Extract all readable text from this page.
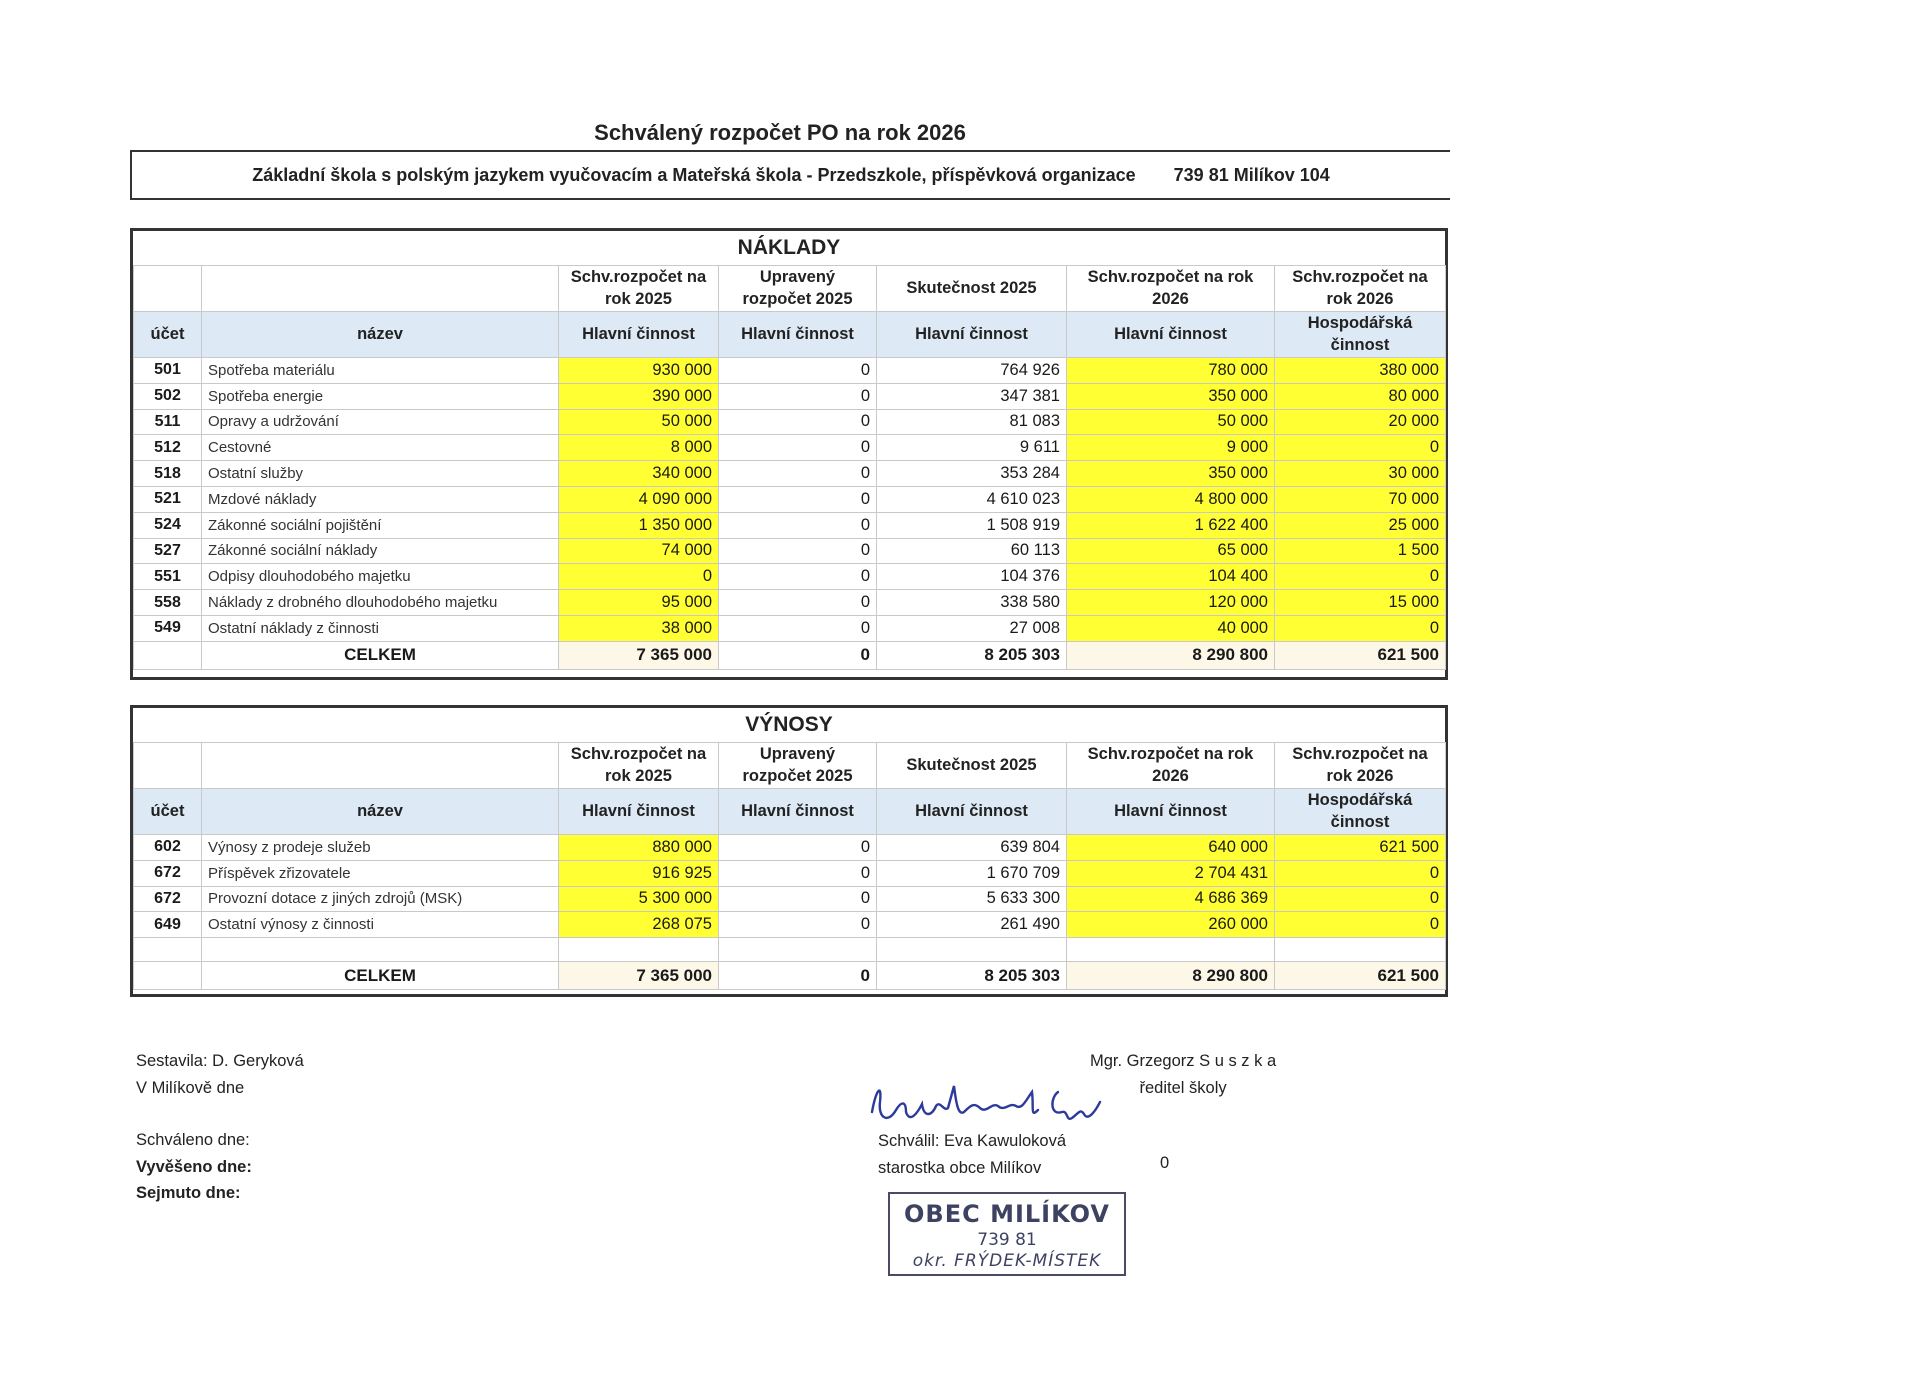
Schválený rozpočet PO na rok 2026
Základní škola s polským jazykem vyučovacím a Mateřská škola - Przedszkole, příspěvková organizace 739 81 Milíkov 104
NÁKLADY
		Schv.rozpočet na rok 2025	Upravený rozpočet 2025	Skutečnost 2025	Schv.rozpočet na rok 2026	Schv.rozpočet na rok 2026
účet	název	Hlavní činnost	Hlavní činnost	Hlavní činnost	Hlavní činnost	Hospodářská činnost
501	Spotřeba materiálu	930 000	0	764 926	780 000	380 000
502	Spotřeba energie	390 000	0	347 381	350 000	80 000
511	Opravy a udržování	50 000	0	81 083	50 000	20 000
512	Cestovné	8 000	0	9 611	9 000	0
518	Ostatní služby	340 000	0	353 284	350 000	30 000
521	Mzdové náklady	4 090 000	0	4 610 023	4 800 000	70 000
524	Zákonné sociální pojištění	1 350 000	0	1 508 919	1 622 400	25 000
527	Zákonné sociální náklady	74 000	0	60 113	65 000	1 500
551	Odpisy dlouhodobého majetku	0	0	104 376	104 400	0
558	Náklady z drobného dlouhodobého majetku	95 000	0	338 580	120 000	15 000
549	Ostatní náklady z činnosti	38 000	0	27 008	40 000	0
	CELKEM	7 365 000	0	8 205 303	8 290 800	621 500
VÝNOSY
		Schv.rozpočet na rok 2025	Upravený rozpočet 2025	Skutečnost 2025	Schv.rozpočet na rok 2026	Schv.rozpočet na rok 2026
účet	název	Hlavní činnost	Hlavní činnost	Hlavní činnost	Hlavní činnost	Hospodářská činnost
602	Výnosy z prodeje služeb	880 000	0	639 804	640 000	621 500
672	Příspěvek zřizovatele	916 925	0	1 670 709	2 704 431	0
672	Provozní dotace z jiných zdrojů (MSK)	5 300 000	0	5 633 300	4 686 369	0
649	Ostatní výnosy z činnosti	268 075	0	261 490	260 000	0

	CELKEM	7 365 000	0	8 205 303	8 290 800	621 500
Sestavila: D. Geryková
V Milíkově dne
Schváleno dne:
Vyvěšeno dne:
Sejmuto dne:
Mgr. Grzegorz S u s z k a
ředitel školy
Schválil: Eva Kawuloková
starostka obce Milíkov	0
OBEC MILÍKOV
739 81
okr. FRÝDEK-MÍSTEK
